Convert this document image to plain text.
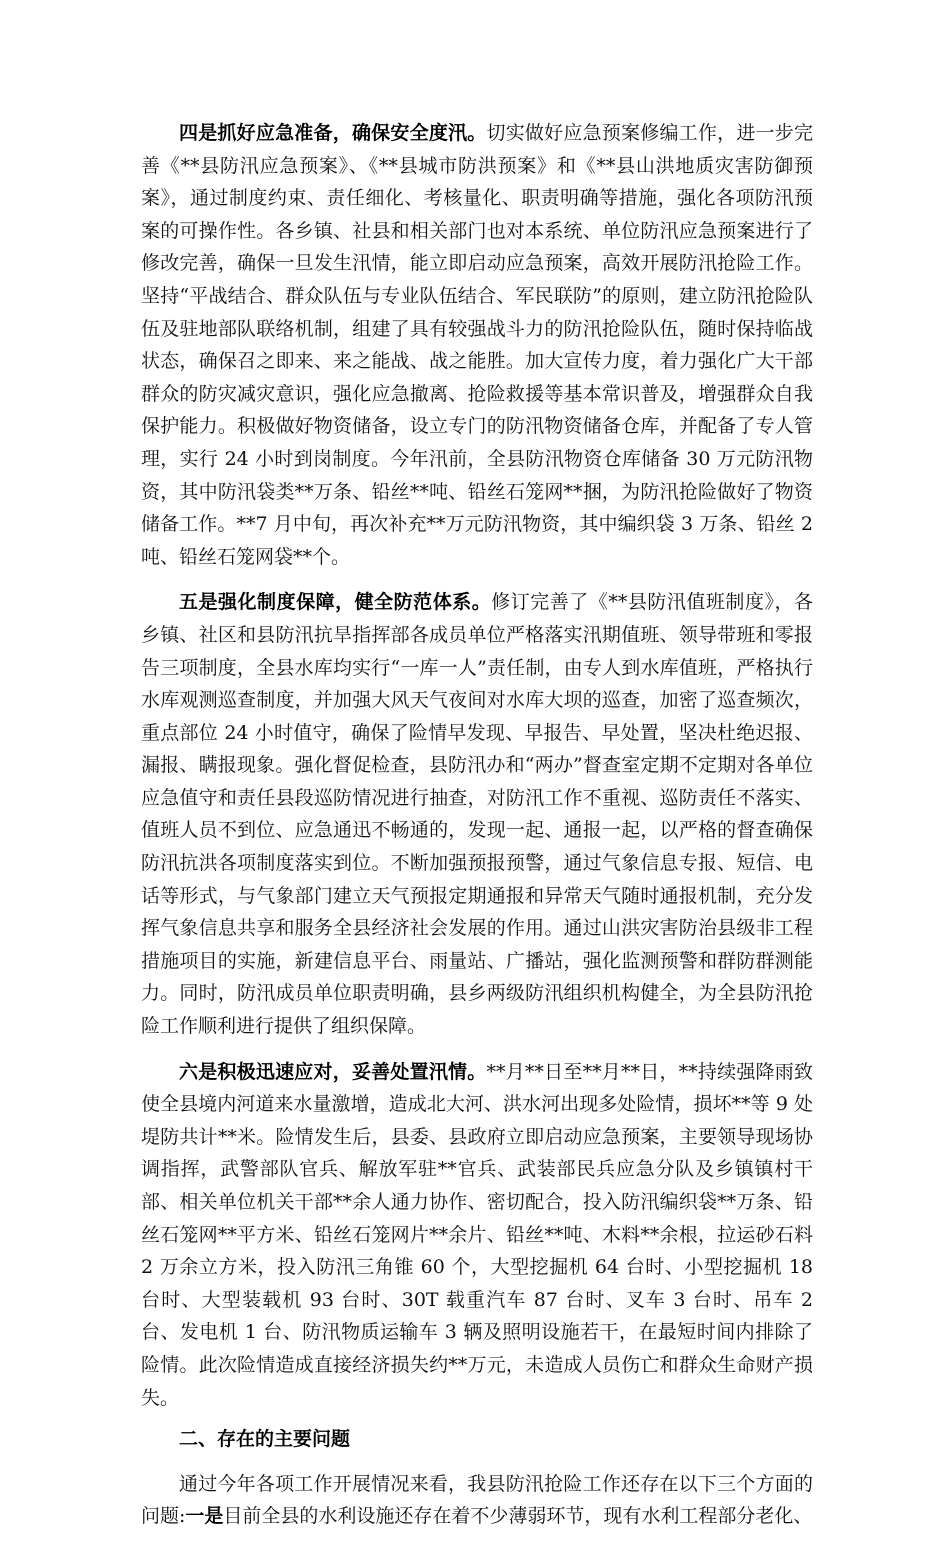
四是抓好应急准备，确保安全度汛。切实做好应急预案修编工作，进一步完善《**县防汛应急预案》、《**县城市防洪预案》和《**县山洪地质灾害防御预案》，通过制度约束、责任细化、考核量化、职责明确等措施，强化各项防汛预案的可操作性。各乡镇、社县和相关部门也对本系统、单位防汛应急预案进行了修改完善，确保一旦发生汛情，能立即启动应急预案，高效开展防汛抢险工作。坚持“平战结合、群众队伍与专业队伍结合、军民联防”的原则，建立防汛抢险队伍及驻地部队联络机制，组建了具有较强战斗力的防汛抢险队伍，随时保持临战状态，确保召之即来、来之能战、战之能胜。加大宣传力度，着力强化广大干部群众的防灾减灾意识，强化应急撤离、抢险救援等基本常识普及，增强群众自我保护能力。积极做好物资储备，设立专门的防汛物资储备仓库，并配备了专人管理，实行 24 小时到岗制度。今年汛前，全县防汛物资仓库储备 30 万元防汛物资，其中防汛袋类**万条、铅丝**吨、铅丝石笼网**捆，为防汛抢险做好了物资储备工作。**7 月中旬，再次补充**万元防汛物资，其中编织袋 3 万条、铅丝 2 吨、铅丝石笼网袋**个。

五是强化制度保障，健全防范体系。修订完善了《**县防汛值班制度》，各乡镇、社区和县防汛抗旱指挥部各成员单位严格落实汛期值班、领导带班和零报告三项制度，全县水库均实行“一库一人”责任制，由专人到水库值班，严格执行水库观测巡查制度，并加强大风天气夜间对水库大坝的巡查，加密了巡查频次，重点部位 24 小时值守，确保了险情早发现、早报告、早处置，坚决杜绝迟报、漏报、瞒报现象。强化督促检查，县防汛办和“两办”督查室定期不定期对各单位应急值守和责任县段巡防情况进行抽查，对防汛工作不重视、巡防责任不落实、值班人员不到位、应急通迅不畅通的，发现一起、通报一起，以严格的督查确保防汛抗洪各项制度落实到位。不断加强预报预警，通过气象信息专报、短信、电话等形式，与气象部门建立天气预报定期通报和异常天气随时通报机制，充分发挥气象信息共享和服务全县经济社会发展的作用。通过山洪灾害防治县级非工程措施项目的实施，新建信息平台、雨量站、广播站，强化监测预警和群防群测能力。同时，防汛成员单位职责明确，县乡两级防汛组织机构健全，为全县防汛抢险工作顺利进行提供了组织保障。

六是积极迅速应对，妥善处置汛情。**月**日至**月**日，**持续强降雨致使全县境内河道来水量激增，造成北大河、洪水河出现多处险情，损坏**等 9 处堤防共计**米。险情发生后，县委、县政府立即启动应急预案，主要领导现场协调指挥，武警部队官兵、解放军驻**官兵、武装部民兵应急分队及乡镇镇村干部、相关单位机关干部**余人通力协作、密切配合，投入防汛编织袋**万条、铅丝石笼网**平方米、铅丝石笼网片**余片、铅丝**吨、木料**余根，拉运砂石料 2 万余立方米，投入防汛三角锥 60 个，大型挖掘机 64 台时、小型挖掘机 18 台时、大型装载机 93 台时、30T 载重汽车 87 台时、叉车 3 台时、吊车 2 台、发电机 1 台、防汛物质运输车 3 辆及照明设施若干，在最短时间内排除了险情。此次险情造成直接经济损失约**万元，未造成人员伤亡和群众生命财产损失。

二、存在的主要问题

通过今年各项工作开展情况来看，我县防汛抢险工作还存在以下三个方面的问题:一是目前全县的水利设施还存在着不少薄弱环节，现有水利工程部分老化、
